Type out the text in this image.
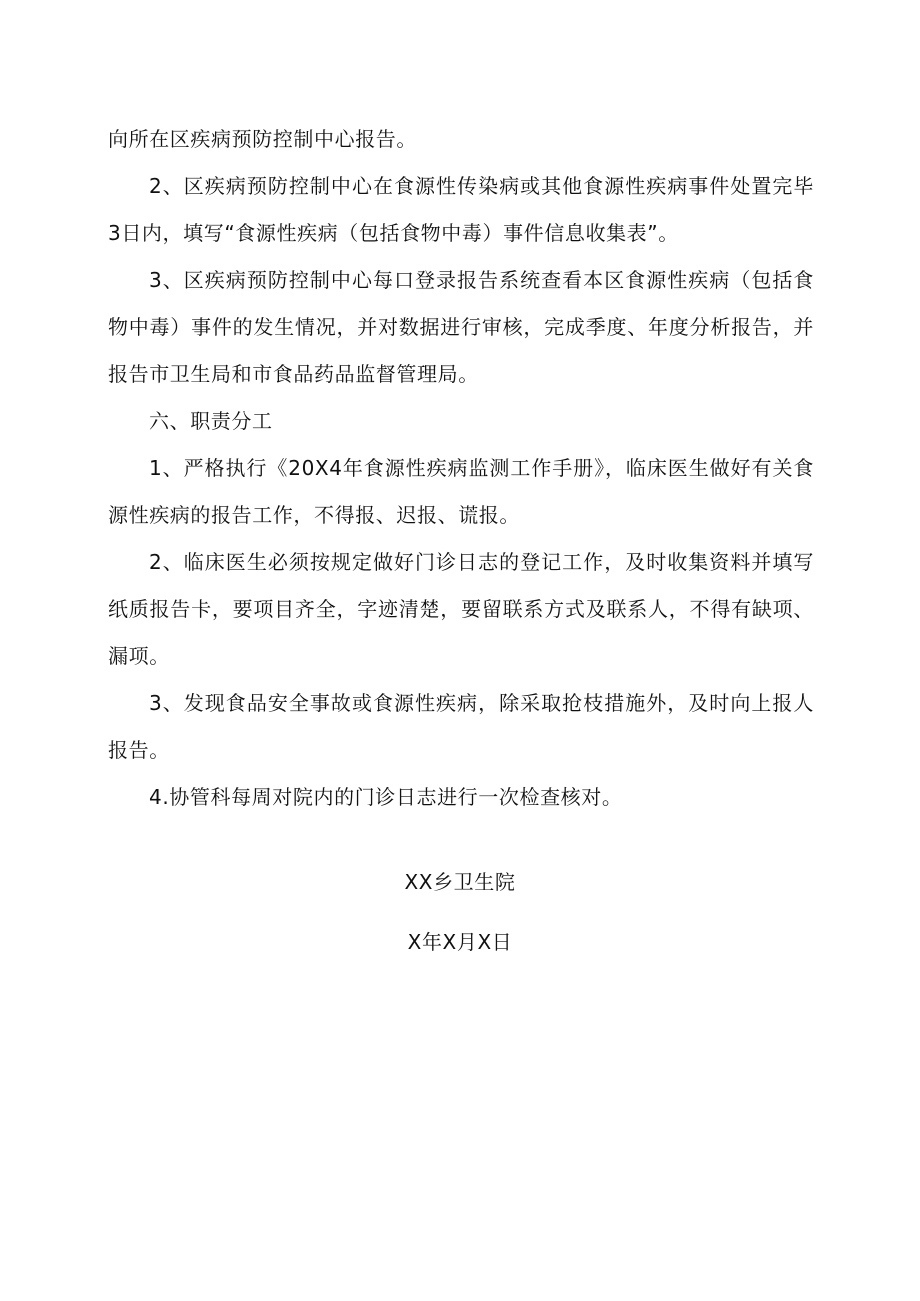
向所在区疾病预防控制中心报告。

2、区疾病预防控制中心在食源性传染病或其他食源性疾病事件处置完毕3日内，填写“食源性疾病（包括食物中毒）事件信息收集表”。

3、区疾病预防控制中心每口登录报告系统查看本区食源性疾病（包括食物中毒）事件的发生情况，并对数据进行审核，完成季度、年度分析报告，并报告市卫生局和市食品药品监督管理局。

六、职责分工

1、严格执行《20X4年食源性疾病监测工作手册》，临床医生做好有关食源性疾病的报告工作，不得报、迟报、谎报。

2、临床医生必须按规定做好门诊日志的登记工作，及时收集资料并填写纸质报告卡，要项目齐全，字迹清楚，要留联系方式及联系人，不得有缺项、漏项。

3、发现食品安全事故或食源性疾病，除采取抢枝措施外，及时向上报人报告。

4.协管科每周对院内的门诊日志进行一次检查核对。

XX乡卫生院
X年X月X日
